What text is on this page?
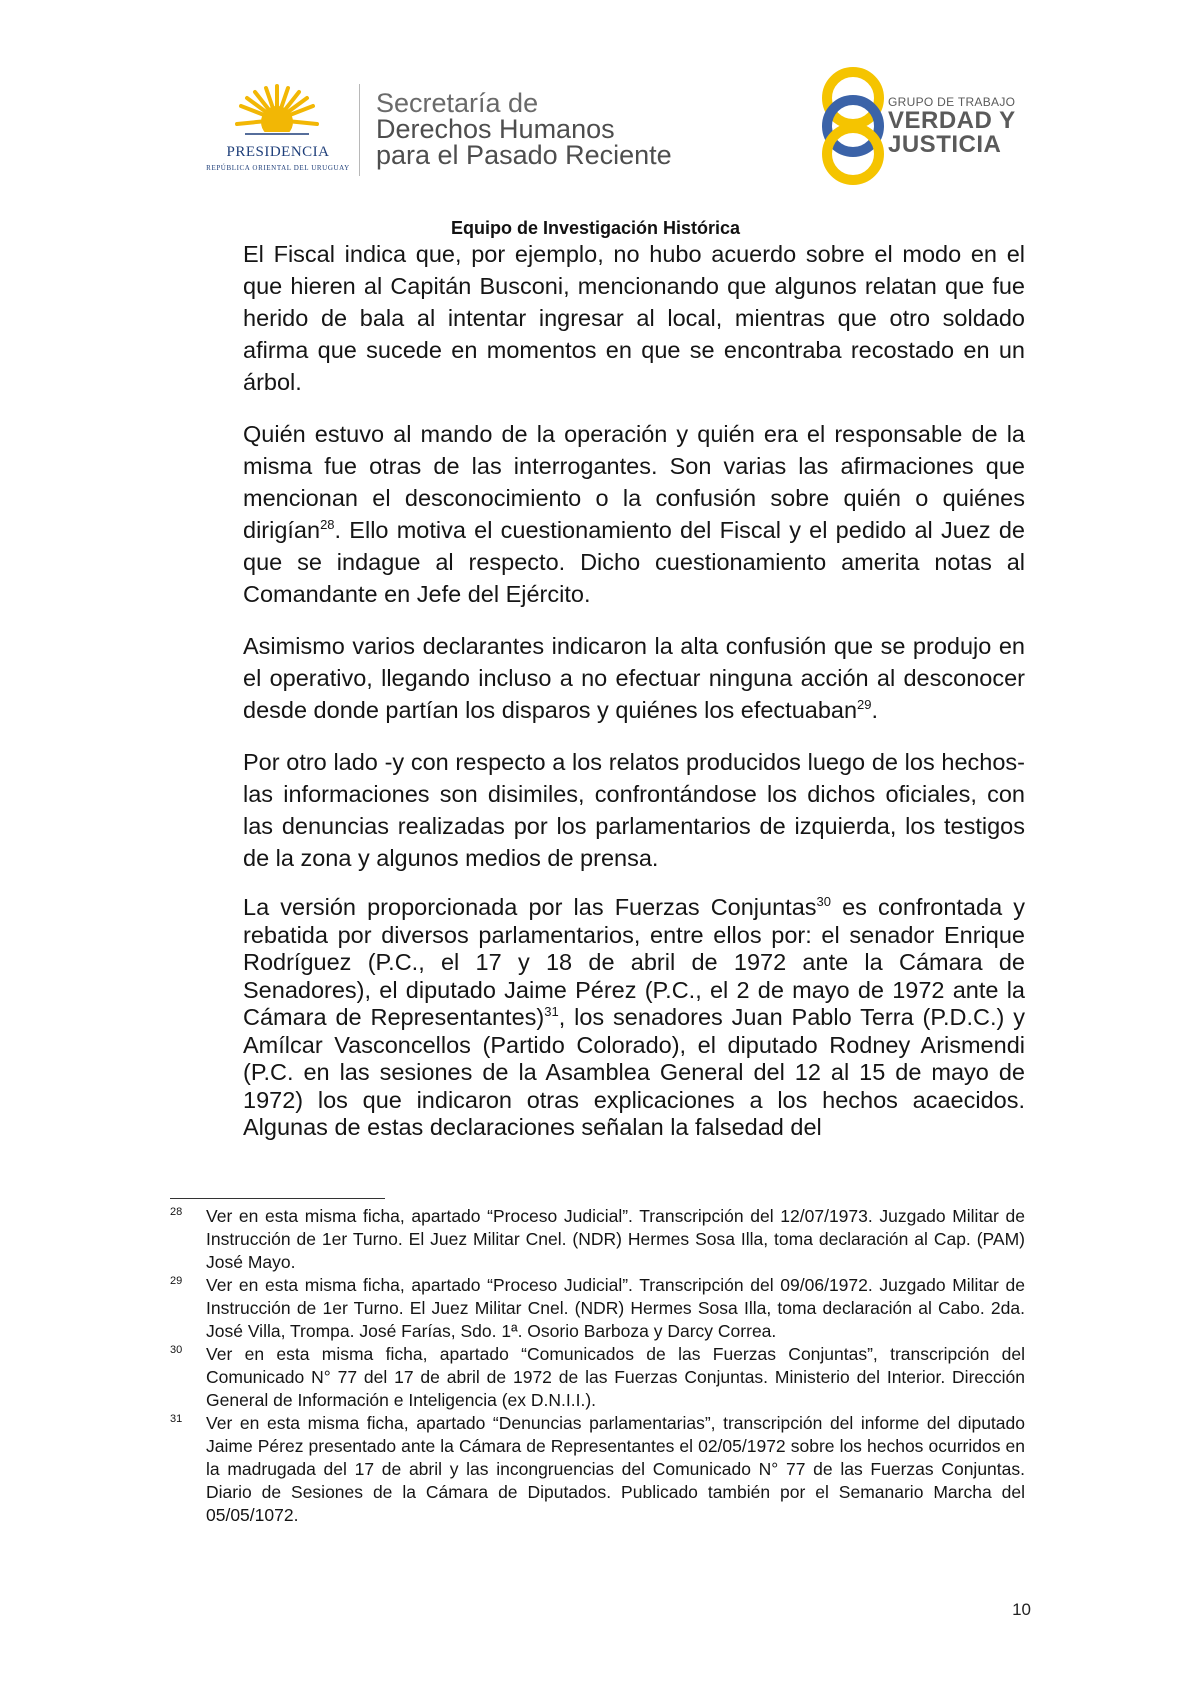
PRESIDENCIA
REPÚBLICA ORIENTAL DEL URUGUAY
Secretaría de
Derechos Humanos
para el Pasado Reciente
GRUPO DE TRABAJO
VERDAD Y
JUSTICIA
Equipo de Investigación Histórica

El Fiscal indica que, por ejemplo, no hubo acuerdo sobre el modo en el que hieren al Capitán Busconi, mencionando que algunos relatan que fue herido de bala al intentar ingresar al local, mientras que otro soldado afirma que sucede en momentos en que se encontraba recostado en un árbol.

Quién estuvo al mando de la operación y quién era el responsable de la misma fue otras de las interrogantes. Son varias las afirmaciones que mencionan el desconocimiento o la confusión sobre quién o quiénes dirigían$^{28}$. Ello motiva el cuestionamiento del Fiscal y el pedido al Juez de que se indague al respecto. Dicho cuestionamiento amerita notas al Comandante en Jefe del Ejército.

Asimismo varios declarantes indicaron la alta confusión que se produjo en el operativo, llegando incluso a no efectuar ninguna acción al desconocer desde donde partían los disparos y quiénes los efectuaban$^{29}$.

Por otro lado -y con respecto a los relatos producidos luego de los hechos- las informaciones son disimiles, confrontándose los dichos oficiales, con las denuncias realizadas por los parlamentarios de izquierda, los testigos de la zona y algunos medios de prensa.

La versión proporcionada por las Fuerzas Conjuntas$^{30}$ es confrontada y rebatida por diversos parlamentarios, entre ellos por: el senador Enrique Rodríguez (P.C., el 17 y 18 de abril de 1972 ante la Cámara de Senadores), el diputado Jaime Pérez (P.C., el 2 de mayo de 1972 ante la Cámara de Representantes)$^{31}$, los senadores Juan Pablo Terra (P.D.C.) y Amílcar Vasconcellos (Partido Colorado), el diputado Rodney Arismendi (P.C. en las sesiones de la Asamblea General del 12 al 15 de mayo de 1972) los que indicaron otras explicaciones a los hechos acaecidos. Algunas de estas declaraciones señalan la falsedad del

28 Ver en esta misma ficha, apartado “Proceso Judicial”. Transcripción del 12/07/1973. Juzgado Militar de Instrucción de 1er Turno. El Juez Militar Cnel. (NDR) Hermes Sosa Illa, toma declaración al Cap. (PAM) José Mayo.
29 Ver en esta misma ficha, apartado “Proceso Judicial”. Transcripción del 09/06/1972. Juzgado Militar de Instrucción de 1er Turno. El Juez Militar Cnel. (NDR) Hermes Sosa Illa, toma declaración al Cabo. 2da. José Villa, Trompa. José Farías, Sdo. 1ª. Osorio Barboza y Darcy Correa.
30 Ver en esta misma ficha, apartado “Comunicados de las Fuerzas Conjuntas”, transcripción del Comunicado N° 77 del 17 de abril de 1972 de las Fuerzas Conjuntas. Ministerio del Interior. Dirección General de Información e Inteligencia (ex D.N.I.I.).
31 Ver en esta misma ficha, apartado “Denuncias parlamentarias”, transcripción del informe del diputado Jaime Pérez presentado ante la Cámara de Representantes el 02/05/1972 sobre los hechos ocurridos en la madrugada del 17 de abril y las incongruencias del Comunicado N° 77 de las Fuerzas Conjuntas. Diario de Sesiones de la Cámara de Diputados. Publicado también por el Semanario Marcha del 05/05/1072.
10
